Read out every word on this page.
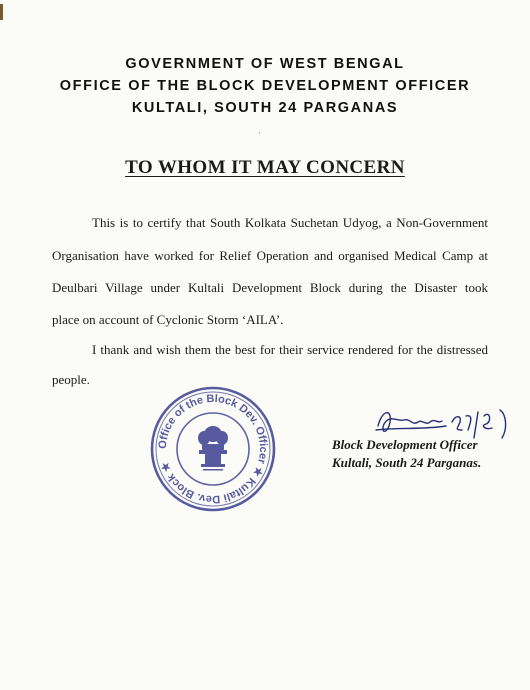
GOVERNMENT OF WEST BENGAL
OFFICE OF THE BLOCK DEVELOPMENT OFFICER
KULTALI, SOUTH 24 PARGANAS
·
TO WHOM IT MAY CONCERN
This is to certify that South Kolkata Suchetan Udyog, a Non-Government
Organisation have worked for Relief Operation and organised Medical Camp at
Deulbari Village under Kultali Development Block during the Disaster took
place on account of Cyclonic Storm ‘AILA’.
I thank and wish them the best for their service rendered for the distressed
people.
Office of the Block Dev. Officer ★ Kultali Dev. Block ★
Block Development Officer
Kultali, South 24 Parganas.
